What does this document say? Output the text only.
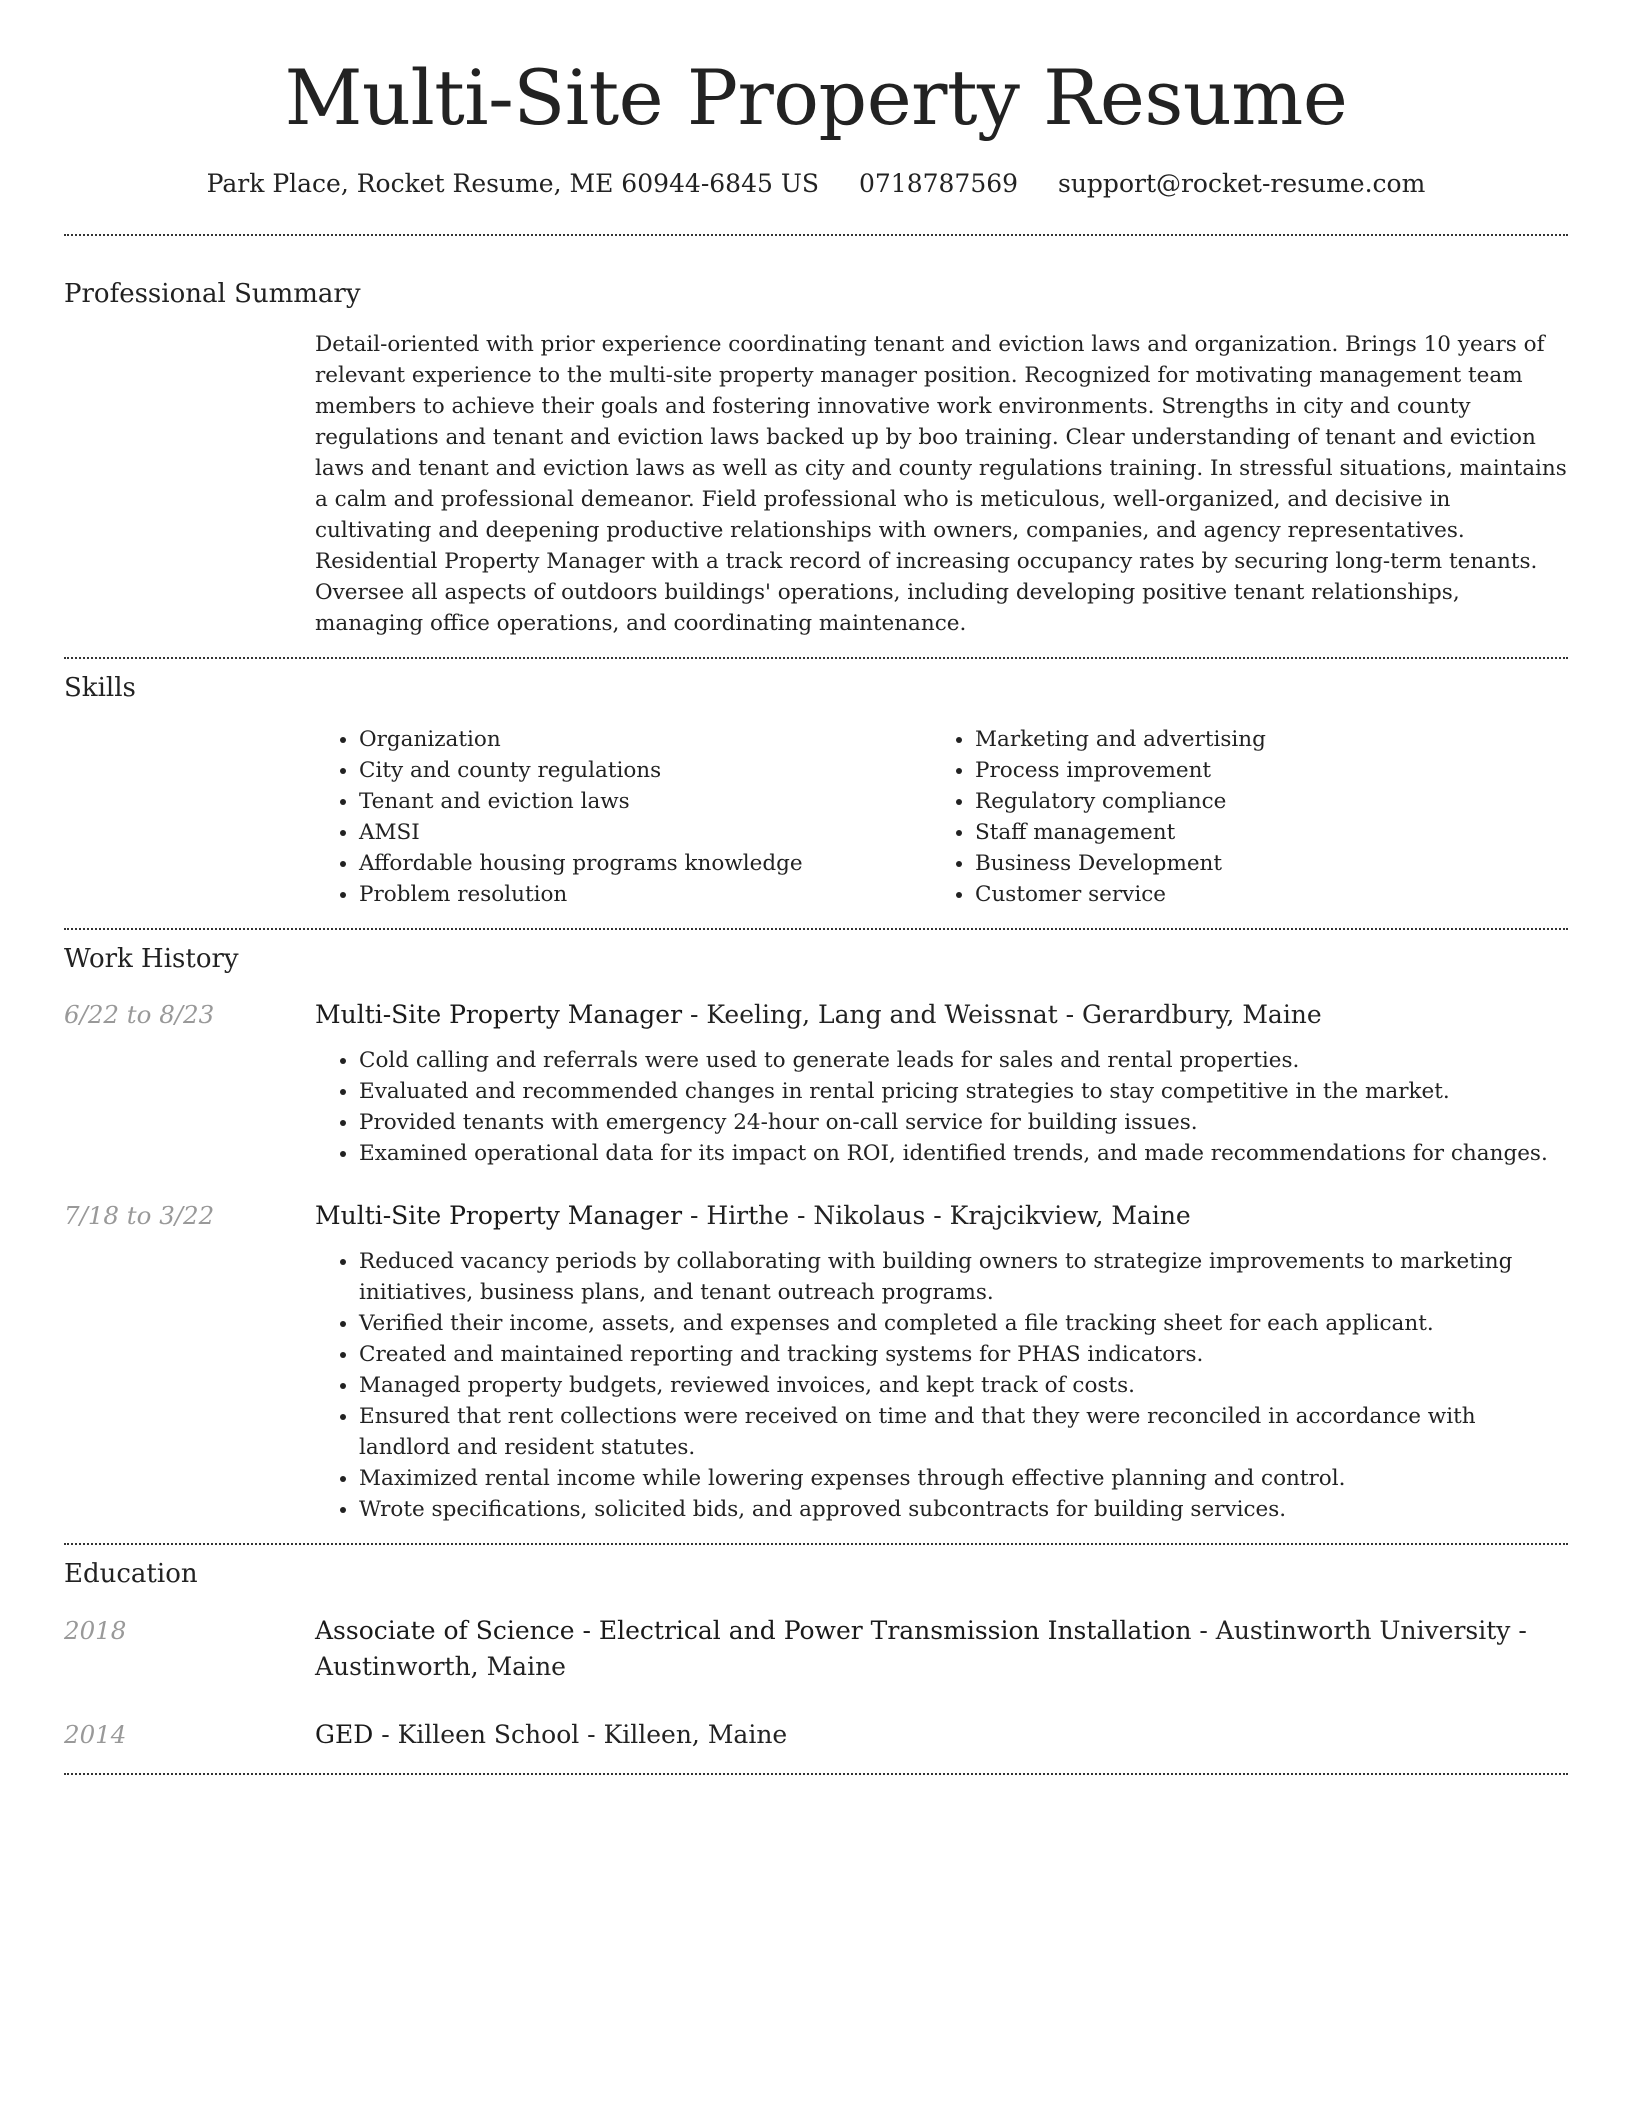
Multi-Site Property Resume
Park Place, Rocket Resume, ME 60944-6845 US 0718787569 support@rocket-resume.com
Professional Summary

Detail-oriented with prior experience coordinating tenant and eviction laws and organization. Brings 10 years of relevant experience to the multi-site property manager position. Recognized for motivating management team members to achieve their goals and fostering innovative work environments. Strengths in city and county regulations and tenant and eviction laws backed up by boo training. Clear understanding of tenant and eviction laws and tenant and eviction laws as well as city and county regulations training. In stressful situations, maintains a calm and professional demeanor. Field professional who is meticulous, well-organized, and decisive in cultivating and deepening productive relationships with owners, companies, and agency representatives. Residential Property Manager with a track record of increasing occupancy rates by securing long-term tenants. Oversee all aspects of outdoors buildings' operations, including developing positive tenant relationships, managing office operations, and coordinating maintenance.

Skills
• Organization
• City and county regulations
• Tenant and eviction laws
• AMSI
• Affordable housing programs knowledge
• Problem resolution
• Marketing and advertising
• Process improvement
• Regulatory compliance
• Staff management
• Business Development
• Customer service
Work History
6/22 to 8/23	Multi-Site Property Manager - Keeling, Lang and Weissnat - Gerardbury, Maine
• Cold calling and referrals were used to generate leads for sales and rental properties.
• Evaluated and recommended changes in rental pricing strategies to stay competitive in the market.
• Provided tenants with emergency 24-hour on-call service for building issues.
• Examined operational data for its impact on ROI, identified trends, and made recommendations for changes.
7/18 to 3/22	Multi-Site Property Manager - Hirthe - Nikolaus - Krajcikview, Maine
• Reduced vacancy periods by collaborating with building owners to strategize improvements to marketing initiatives, business plans, and tenant outreach programs.
• Verified their income, assets, and expenses and completed a file tracking sheet for each applicant.
• Created and maintained reporting and tracking systems for PHAS indicators.
• Managed property budgets, reviewed invoices, and kept track of costs.
• Ensured that rent collections were received on time and that they were reconciled in accordance with landlord and resident statutes.
• Maximized rental income while lowering expenses through effective planning and control.
• Wrote specifications, solicited bids, and approved subcontracts for building services.
Education
2018	Associate of Science - Electrical and Power Transmission Installation - Austinworth University - Austinworth, Maine
2014	GED - Killeen School - Killeen, Maine
